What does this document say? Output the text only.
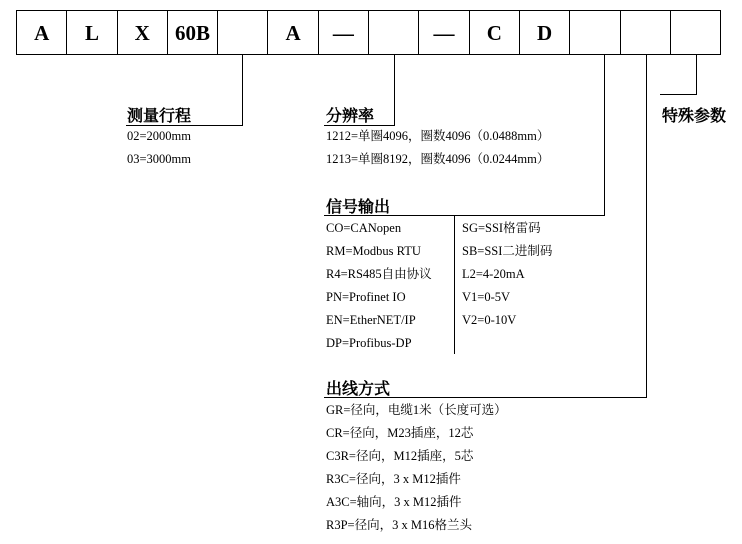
A	L	X	60B	A	—	—	C	D
测量行程
02=2000mm
03=3000mm
分辨率
1212=单圈4096，圈数4096（0.0488mm）
1213=单圈8192，圈数4096（0.0244mm）
信号输出
CO=CANopen
RM=Modbus RTU
R4=RS485自由协议
PN=Profinet IO
EN=EtherNET/IP
DP=Profibus-DP
SG=SSI格雷码
SB=SSI二进制码
L2=4-20mA
V1=0-5V
V2=0-10V
出线方式
GR=径向，电缆1米（长度可选）
CR=径向，M23插座，12芯
C3R=径向，M12插座，5芯
R3C=径向，3 x M12插件
A3C=轴向，3 x M12插件
R3P=径向，3 x M16格兰头
特殊参数
